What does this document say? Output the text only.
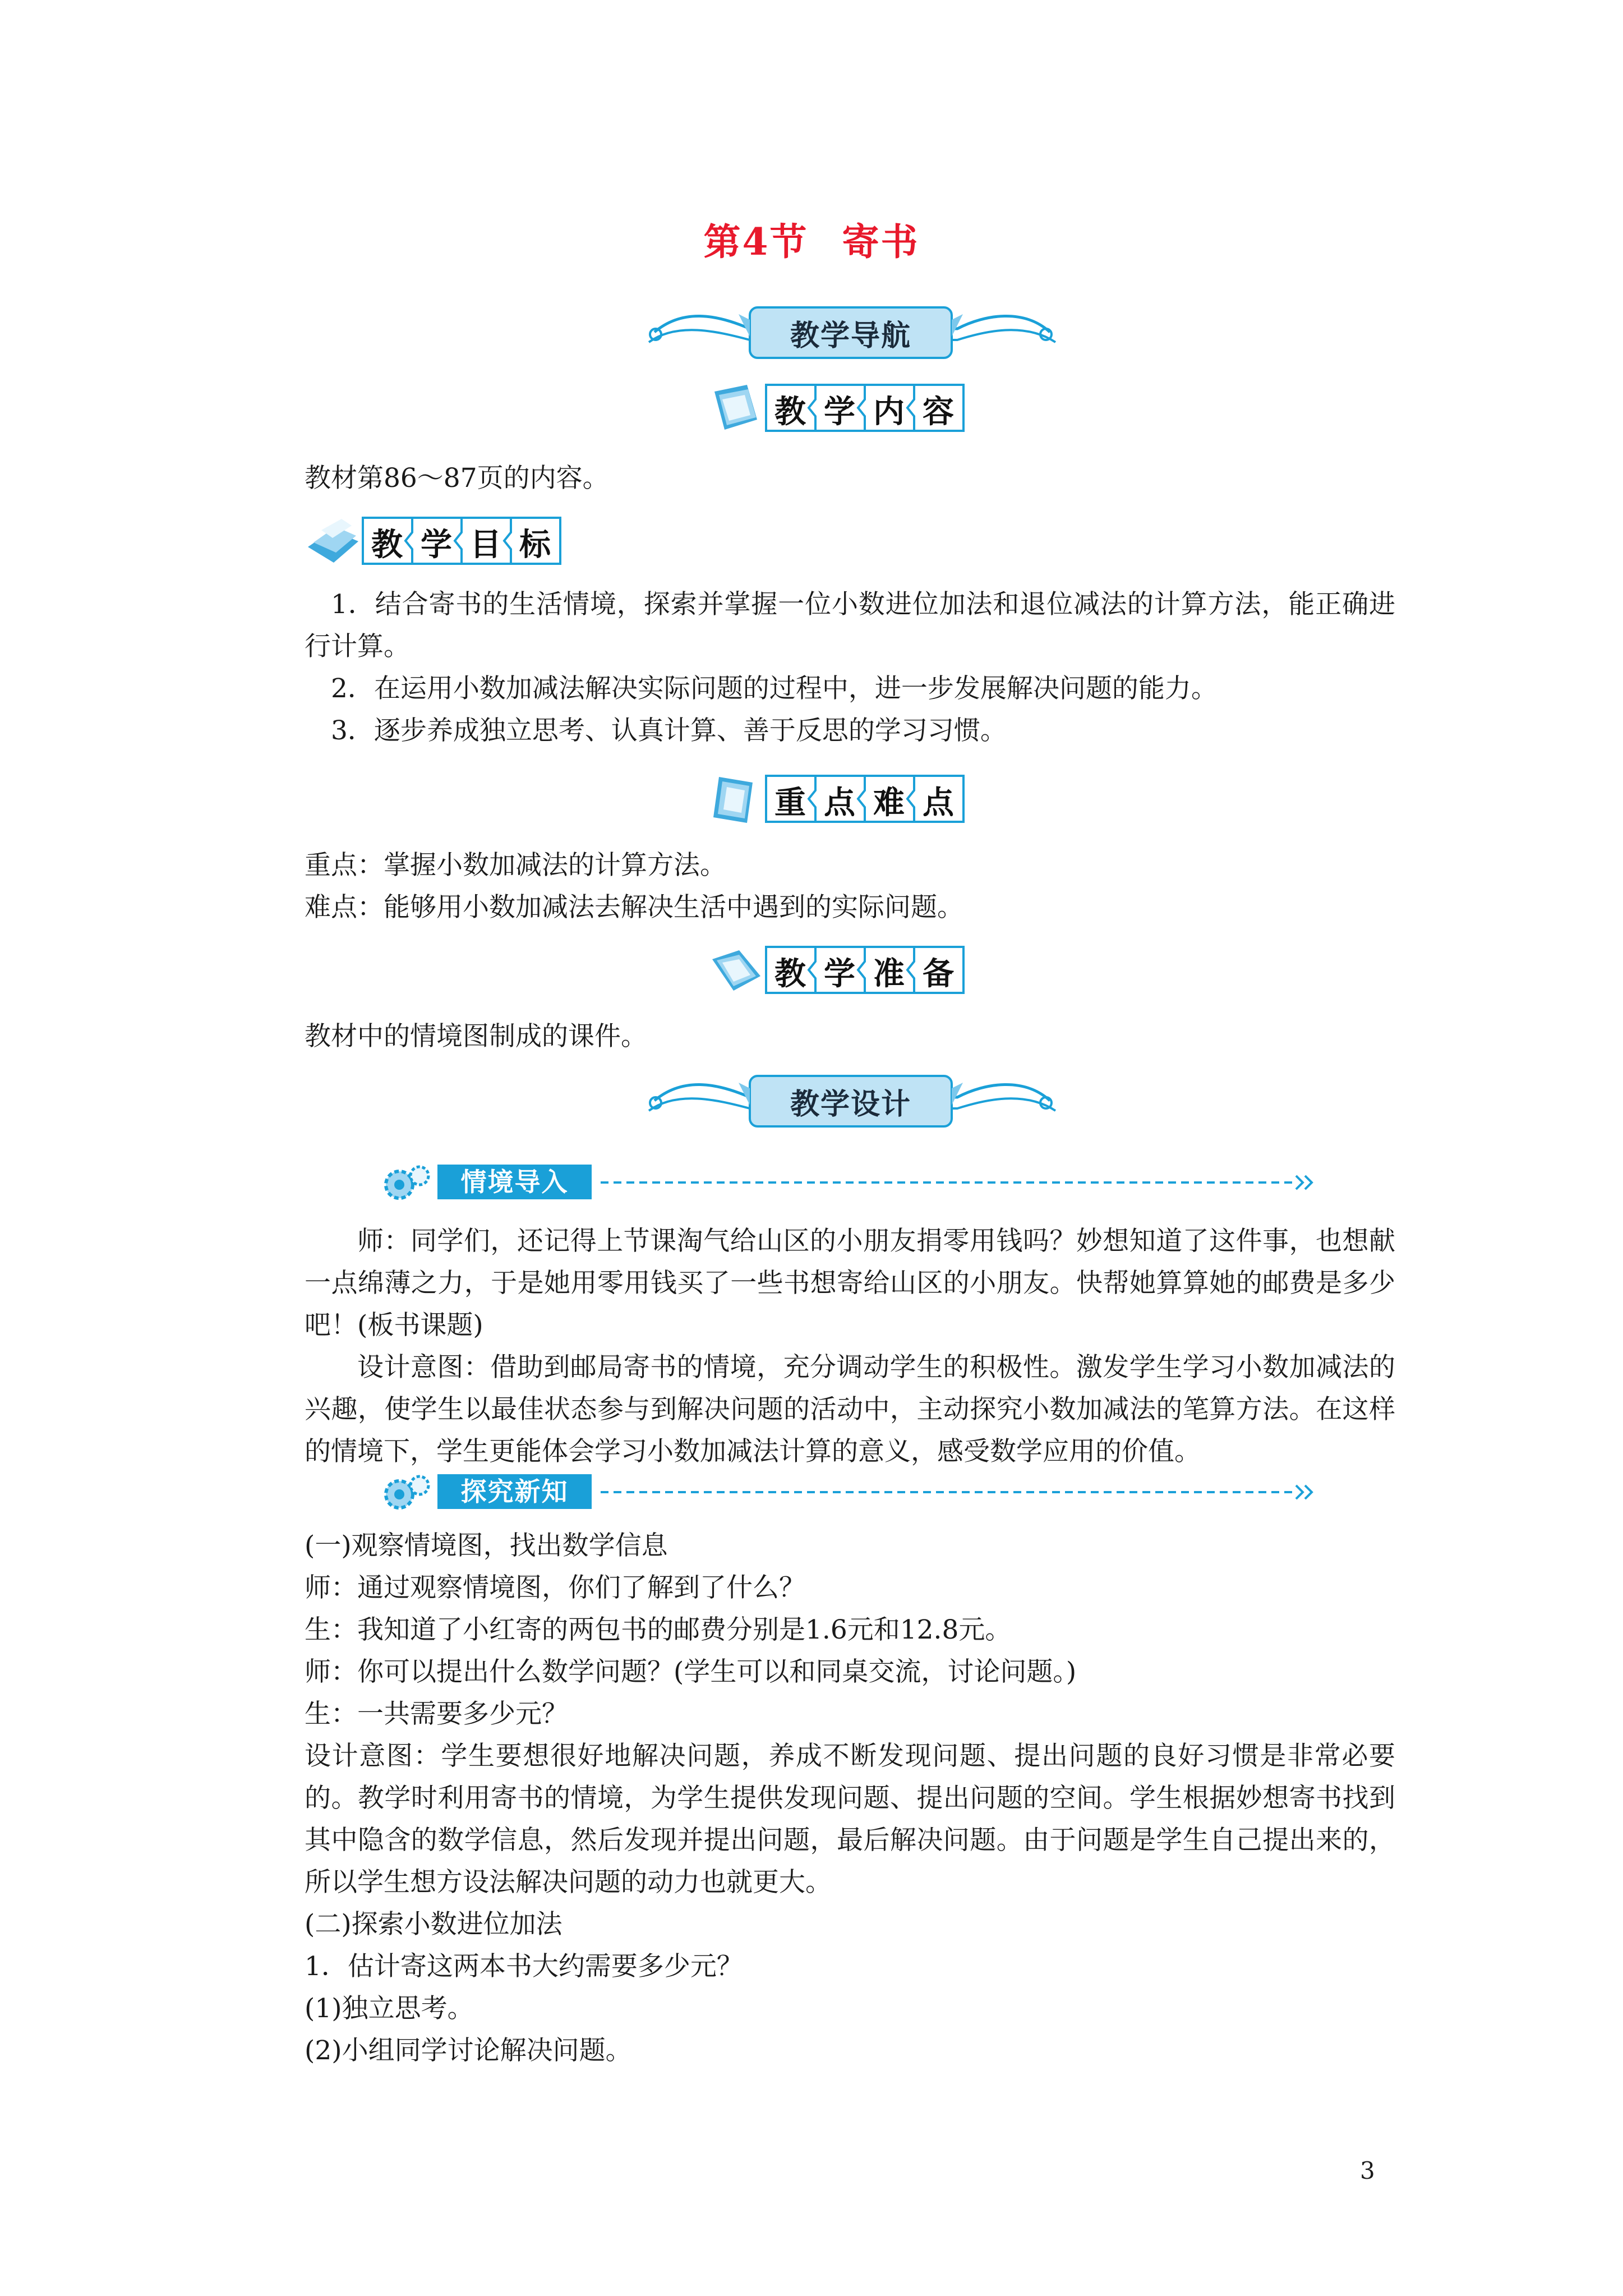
第4节 寄书
教学导航
教 学 内 容
教材第86～87页的内容。
教 学 目 标
1．结合寄书的生活情境，探索并掌握一位小数进位加法和退位减法的计算方法，能正确进行计算。
2．在运用小数加减法解决实际问题的过程中，进一步发展解决问题的能力。
3．逐步养成独立思考、认真计算、善于反思的学习习惯。
重 点 难 点
重点：掌握小数加减法的计算方法。
难点：能够用小数加减法去解决生活中遇到的实际问题。
教 学 准 备
教材中的情境图制成的课件。
教学设计
情境导入
师：同学们，还记得上节课淘气给山区的小朋友捐零用钱吗？妙想知道了这件事，也想献一点绵薄之力，于是她用零用钱买了一些书想寄给山区的小朋友。快帮她算算她的邮费是多少吧！(板书课题)
设计意图：借助到邮局寄书的情境，充分调动学生的积极性。激发学生学习小数加减法的兴趣，使学生以最佳状态参与到解决问题的活动中，主动探究小数加减法的笔算方法。在这样的情境下，学生更能体会学习小数加减法计算的意义，感受数学应用的价值。
探究新知
(一)观察情境图，找出数学信息
师：通过观察情境图，你们了解到了什么？
生：我知道了小红寄的两包书的邮费分别是1.6元和12.8元。
师：你可以提出什么数学问题？(学生可以和同桌交流，讨论问题。)
生：一共需要多少元？
设计意图：学生要想很好地解决问题，养成不断发现问题、提出问题的良好习惯是非常必要的。教学时利用寄书的情境，为学生提供发现问题、提出问题的空间。学生根据妙想寄书找到其中隐含的数学信息，然后发现并提出问题，最后解决问题。由于问题是学生自己提出来的，所以学生想方设法解决问题的动力也就更大。
(二)探索小数进位加法
1．估计寄这两本书大约需要多少元？
(1)独立思考。
(2)小组同学讨论解决问题。
3
